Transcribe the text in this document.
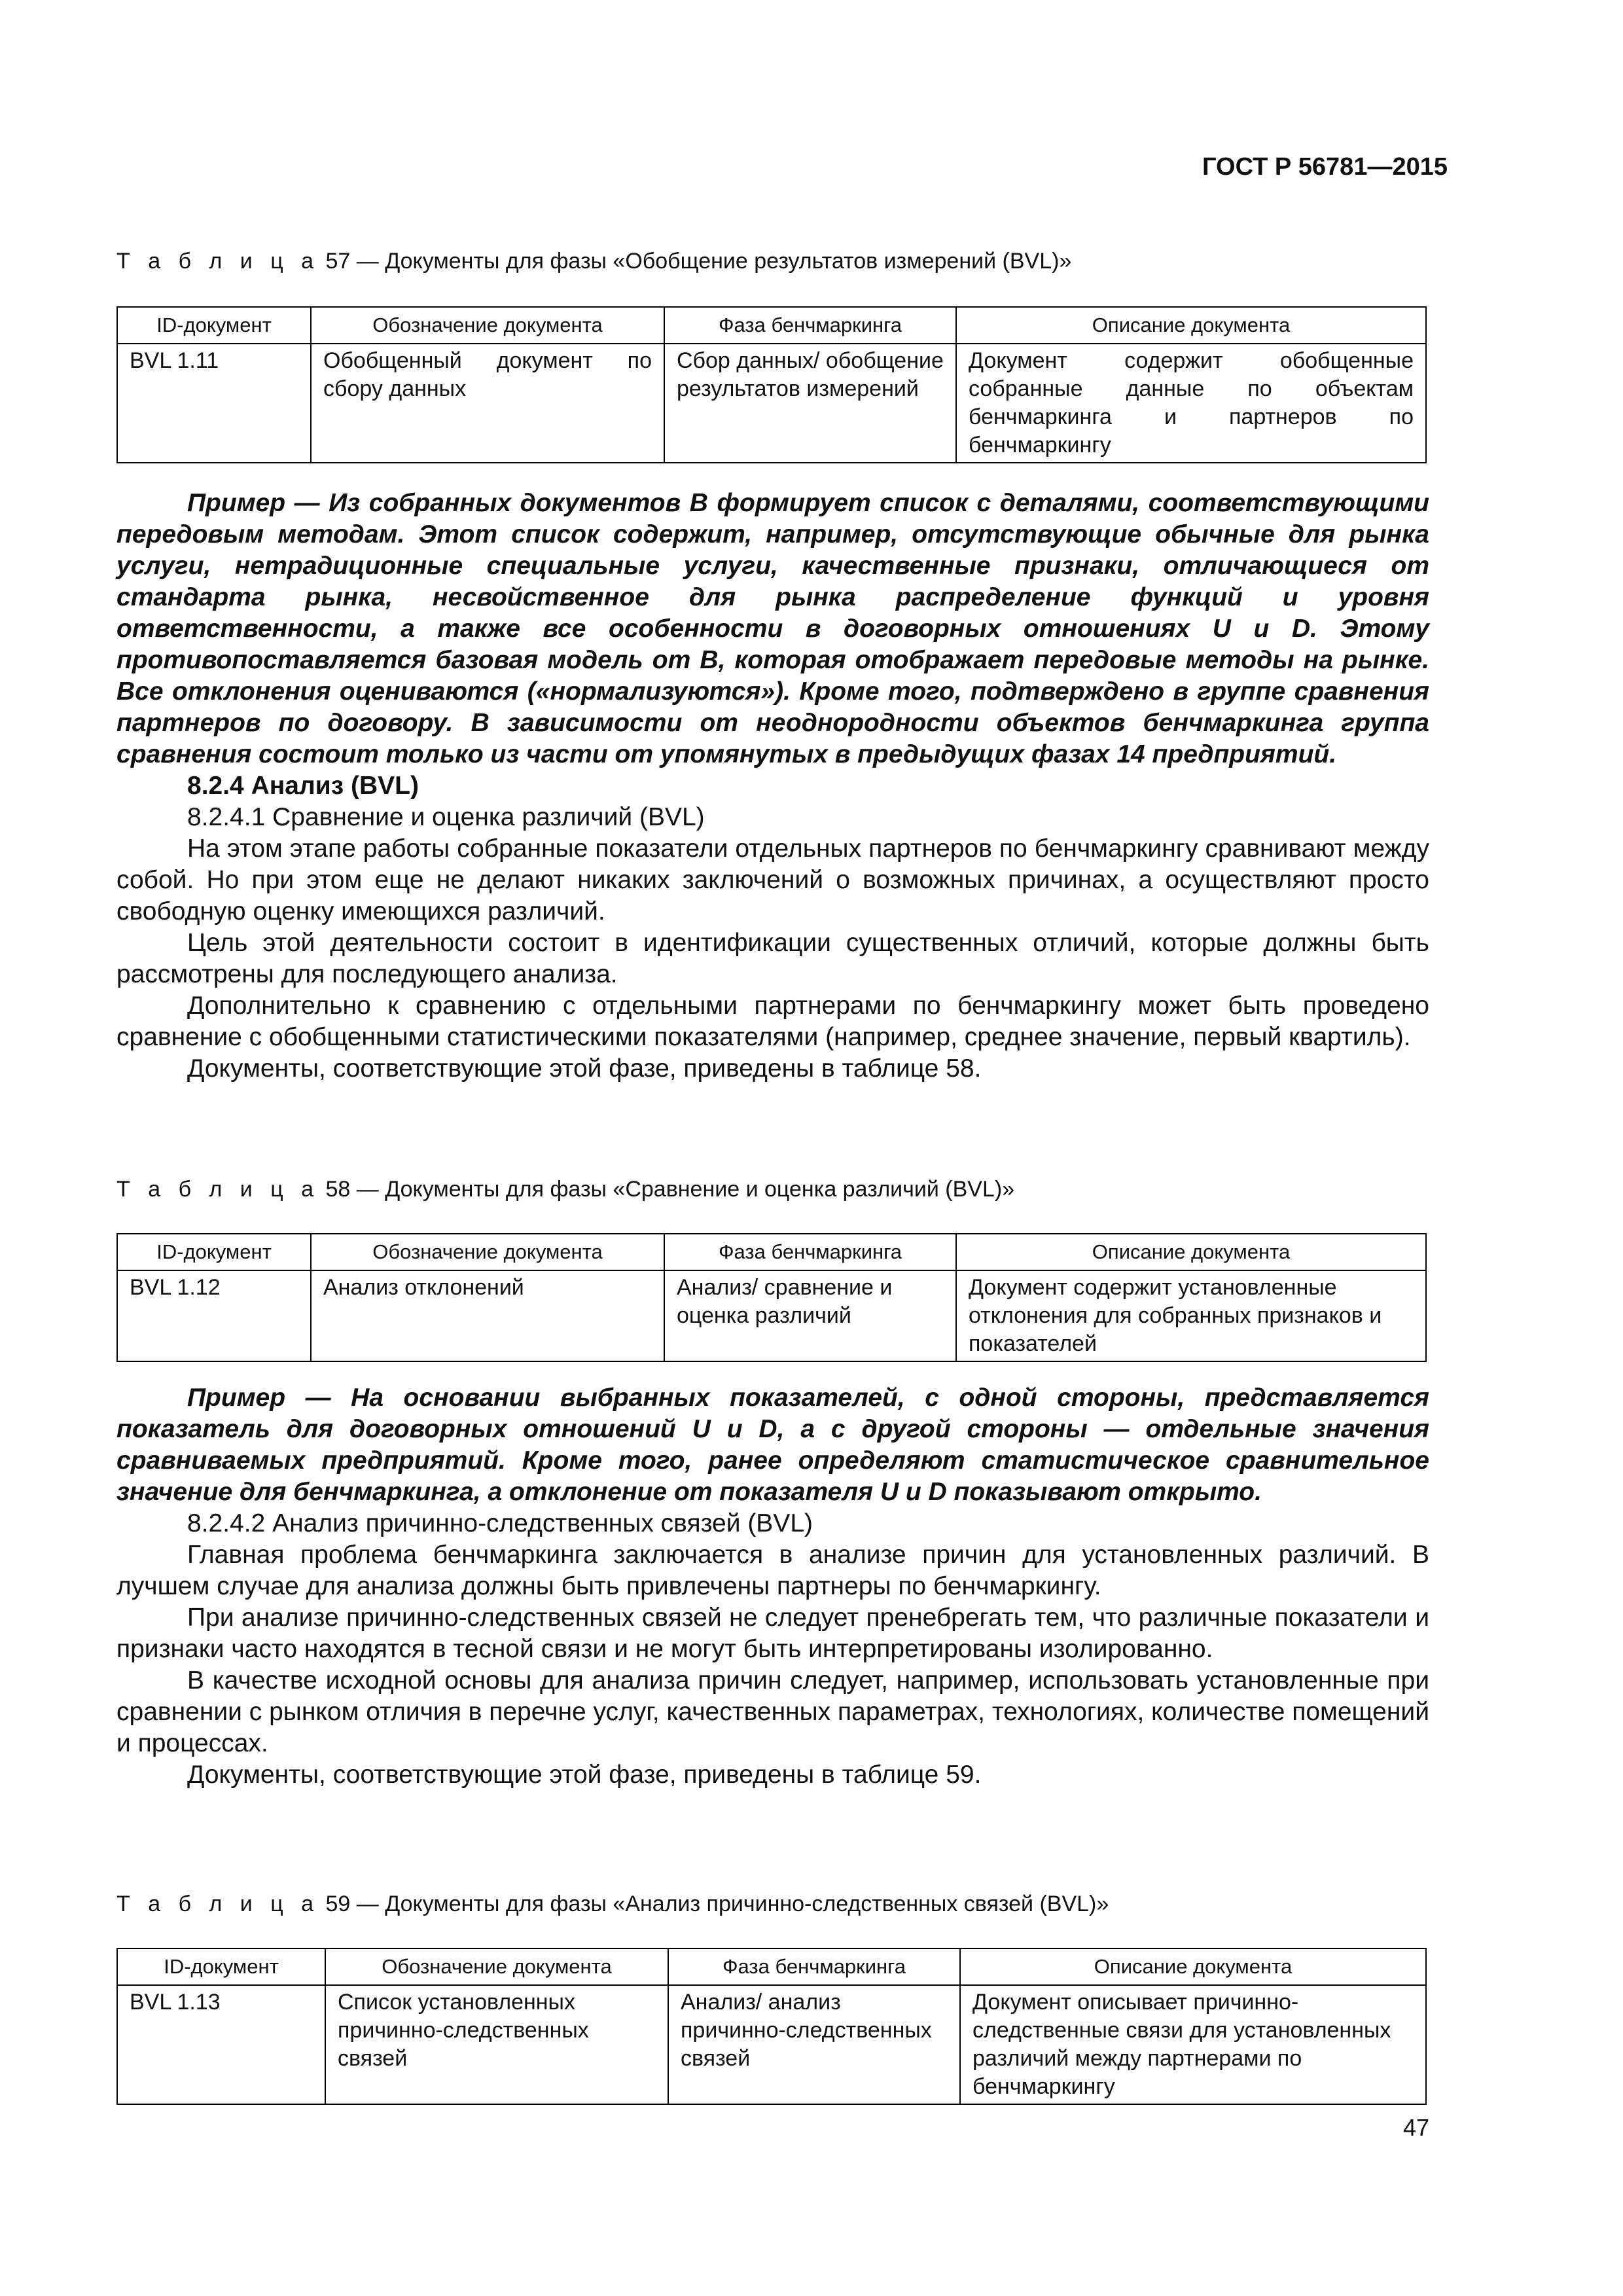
ГОСТ Р 56781—2015
Т а б л и ц а 57 — Документы для фазы «Обобщение результатов измерений (BVL)»
ID-документ	Обозначение документа	Фаза бенчмаркинга	Описание документа
BVL 1.11	Обобщенный документ по сбору данных	Сбор данных/ обобщение результатов измерений	Документ содержит обобщенные собранные данные по объектам бенчмаркинга и партнеров по бенчмаркингу

Пример — Из собранных документов В формирует список с деталями, соответствующими передовым методам. Этот список содержит, например, отсутствующие обычные для рынка услуги, нетрадиционные специальные услуги, качественные признаки, отличающиеся от стандарта рынка, несвойственное для рынка распределение функций и уровня ответственности, а также все особенности в договорных отношениях U и D. Этому противопоставляется базовая модель от В, которая отображает передовые методы на рынке. Все отклонения оцениваются («нормализуются»). Кроме того, подтверждено в группе сравнения партнеров по договору. В зависимости от неоднородности объектов бенчмаркинга группа сравнения состоит только из части от упомянутых в предыдущих фазах 14 предприятий.

8.2.4 Анализ (BVL)

8.2.4.1 Сравнение и оценка различий (BVL)

На этом этапе работы собранные показатели отдельных партнеров по бенчмаркингу сравнивают между собой. Но при этом еще не делают никаких заключений о возможных причинах, а осуществляют просто свободную оценку имеющихся различий.

Цель этой деятельности состоит в идентификации существенных отличий, которые должны быть рассмотрены для последующего анализа.

Дополнительно к сравнению с отдельными партнерами по бенчмаркингу может быть проведено сравнение с обобщенными статистическими показателями (например, среднее значение, первый квартиль).

Документы, соответствующие этой фазе, приведены в таблице 58.

Т а б л и ц а 58 — Документы для фазы «Сравнение и оценка различий (BVL)»
ID-документ	Обозначение документа	Фаза бенчмаркинга	Описание документа
BVL 1.12	Анализ отклонений	Анализ/ сравнение и оценка различий	Документ содержит установленные отклонения для собранных признаков и показателей

Пример — На основании выбранных показателей, с одной стороны, представляется показатель для договорных отношений U и D, а с другой стороны — отдельные значения сравниваемых предприятий. Кроме того, ранее определяют статистическое сравнительное значение для бенчмаркинга, а отклонение от показателя U и D показывают открыто.

8.2.4.2 Анализ причинно-следственных связей (BVL)

Главная проблема бенчмаркинга заключается в анализе причин для установленных различий. В лучшем случае для анализа должны быть привлечены партнеры по бенчмаркингу.

При анализе причинно-следственных связей не следует пренебрегать тем, что различные показатели и признаки часто находятся в тесной связи и не могут быть интерпретированы изолированно.

В качестве исходной основы для анализа причин следует, например, использовать установленные при сравнении с рынком отличия в перечне услуг, качественных параметрах, технологиях, количестве помещений и процессах.

Документы, соответствующие этой фазе, приведены в таблице 59.

Т а б л и ц а 59 — Документы для фазы «Анализ причинно-следственных связей (BVL)»
ID-документ	Обозначение документа	Фаза бенчмаркинга	Описание документа
BVL 1.13	Список установленных причинно-следственных связей	Анализ/ анализ причинно-следственных связей	Документ описывает причинно-следственные связи для установленных различий между партнерами по бенчмаркингу
47
